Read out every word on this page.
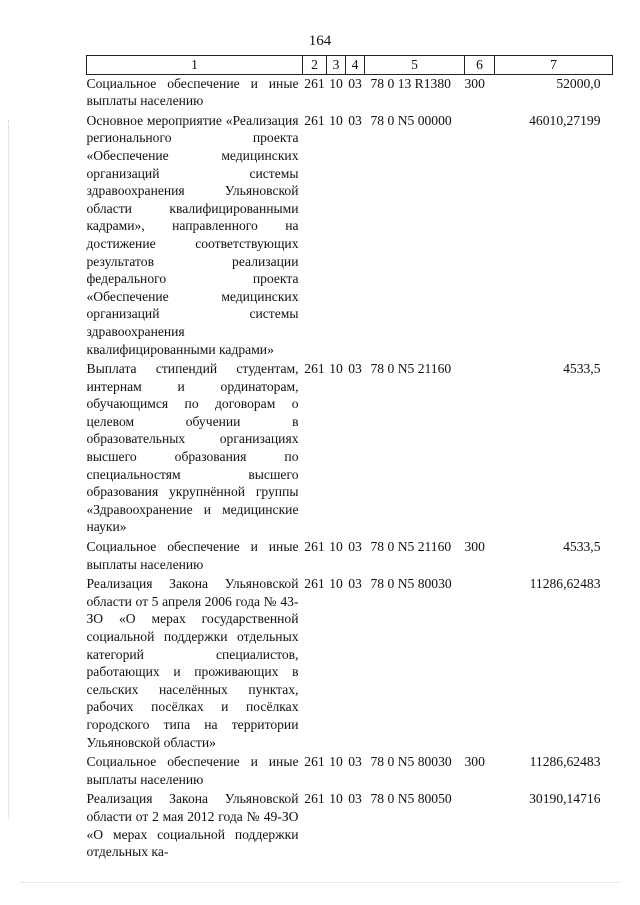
164
1	2	3	4	5	6	7
Социальное обеспечение и иные выплаты населению	261	10	03	78 0 13 R1380	300	52000,0
Основное мероприятие «Реализация регионального проекта «Обеспечение медицинских организаций системы здравоохранения Ульяновской области квалифицированными кадрами», направленного на достижение соответствующих результатов реализации федерального проекта «Обеспечение медицинских организаций системы здравоохранения квалифицированными кадрами»	261	10	03	78 0 N5 00000		46010,27199
Выплата стипендий студентам, интернам и ординаторам, обучающимся по договорам о целевом обучении в образовательных организациях высшего образования по специальностям высшего образования укрупнённой группы «Здравоохранение и медицинские науки»	261	10	03	78 0 N5 21160		4533,5
Социальное обеспечение и иные выплаты населению	261	10	03	78 0 N5 21160	300	4533,5
Реализация Закона Ульяновской области от 5 апреля 2006 года № 43-ЗО «О мерах государственной социальной поддержки отдельных категорий специалистов, работающих и проживающих в сельских населённых пунктах, рабочих посёлках и посёлках городского типа на территории Ульяновской области»	261	10	03	78 0 N5 80030		11286,62483
Социальное обеспечение и иные выплаты населению	261	10	03	78 0 N5 80030	300	11286,62483
Реализация Закона Ульяновской области от 2 мая 2012 года № 49-ЗО «О мерах социальной поддержки отдельных ка-	261	10	03	78 0 N5 80050		30190,14716
